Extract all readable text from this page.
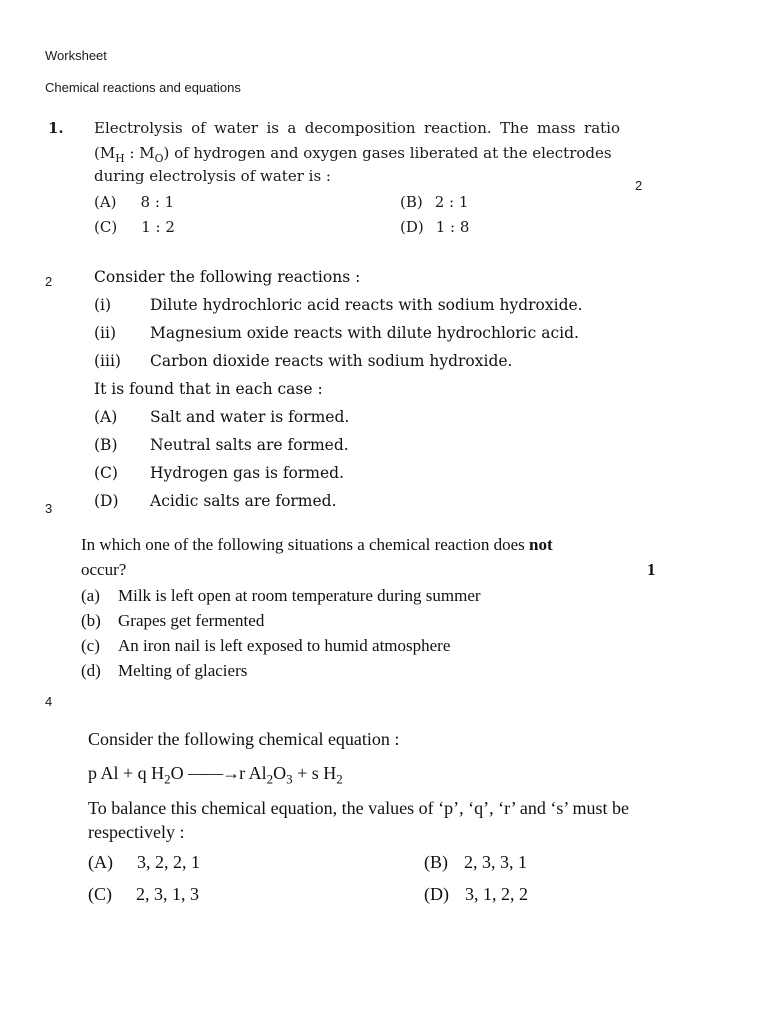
Worksheet
Chemical reactions and equations
1. Electrolysis of water is a decomposition reaction. The mass ratio
($M_H$ : $M_O$) of hydrogen and oxygen gases liberated at the electrodes
during electrolysis of water is :
2
(A) 8 : 1	(B) 2 : 1
(C) 1 : 2	(D) 1 : 8
2	Consider the following reactions :
(i)	Dilute hydrochloric acid reacts with sodium hydroxide.
(ii) Magnesium oxide reacts with dilute hydrochloric acid.
(iii) Carbon dioxide reacts with sodium hydroxide.
It is found that in each case :
(A) Salt and water is formed.
(B) Neutral salts are formed.
(C) Hydrogen gas is formed.
(D) Acidic salts are formed.
3
In which one of the following situations a chemical reaction does not
occur?	1
(a) Milk is left open at room temperature during summer
(b) Grapes get fermented
(c) An iron nail is left exposed to humid atmosphere
(d) Melting of glaciers
4
Consider the following chemical equation :
p Al + q $H_2O$ ——→r $Al_2O_3 + s$ $H_2$
To balance this chemical equation, the values of ‘p’, ‘q’, ‘r’ and ‘s’ must be
respectively :
(A) 3, 2, 2, 1	(B) 2, 3, 3, 1
(C) 2, 3, 1, 3	(D) 3, 1, 2, 2
